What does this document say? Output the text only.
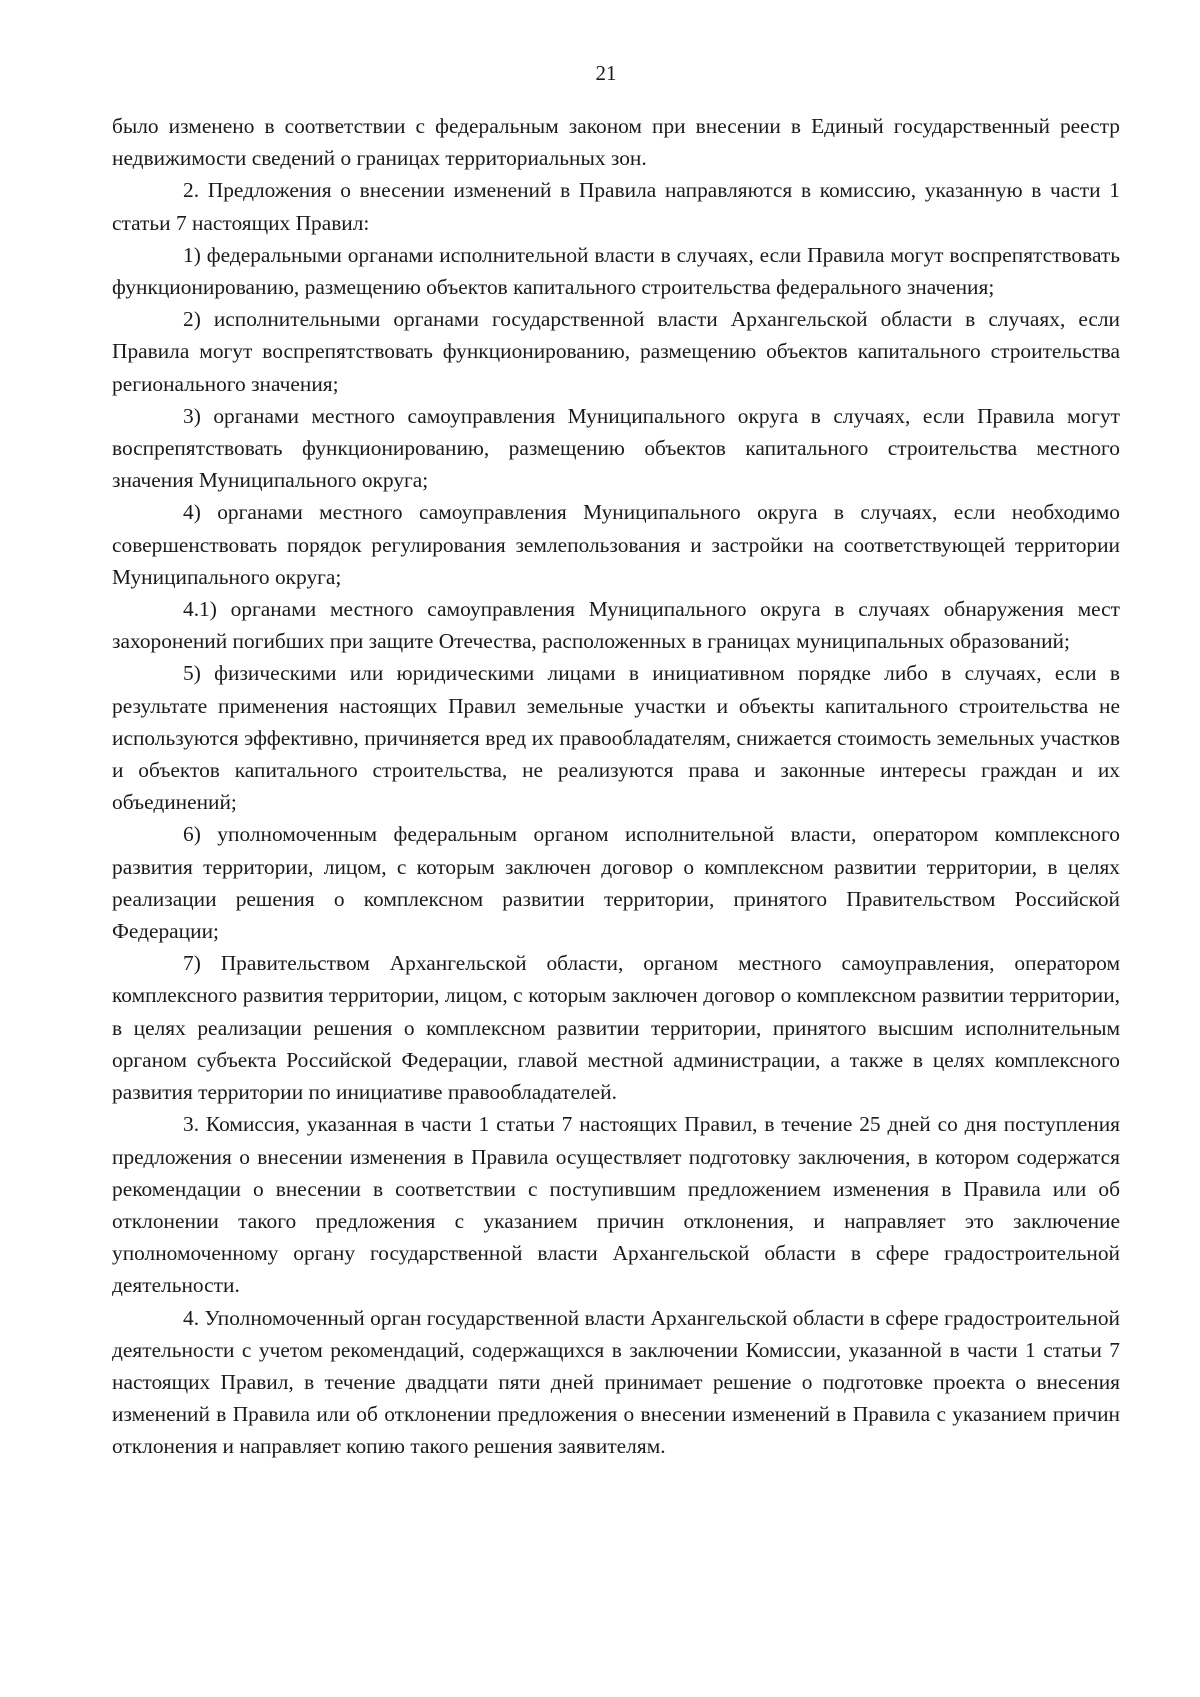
21

было изменено в соответствии с федеральным законом при внесении в Единый государственный реестр недвижимости сведений о границах территориальных зон.

2. Предложения о внесении изменений в Правила направляются в комиссию, указанную в части 1 статьи 7 настоящих Правил:

1) федеральными органами исполнительной власти в случаях, если Правила могут воспрепятствовать функционированию, размещению объектов капитального строительства федерального значения;

2) исполнительными органами государственной власти Архангельской области в случаях, если Правила могут воспрепятствовать функционированию, размещению объектов капитального строительства регионального значения;

3) органами местного самоуправления Муниципального округа в случаях, если Правила могут воспрепятствовать функционированию, размещению объектов капитального строительства местного значения Муниципального округа;

4) органами местного самоуправления Муниципального округа в случаях, если необходимо совершенствовать порядок регулирования землепользования и застройки на соответствующей территории Муниципального округа;

4.1) органами местного самоуправления Муниципального округа в случаях обнаружения мест захоронений погибших при защите Отечества, расположенных в границах муниципальных образований;

5) физическими или юридическими лицами в инициативном порядке либо в случаях, если в результате применения настоящих Правил земельные участки и объекты капитального строительства не используются эффективно, причиняется вред их правообладателям, снижается стоимость земельных участков и объектов капитального строительства, не реализуются права и законные интересы граждан и их объединений;

6) уполномоченным федеральным органом исполнительной власти, оператором комплексного развития территории, лицом, с которым заключен договор о комплексном развитии территории, в целях реализации решения о комплексном развитии территории, принятого Правительством Российской Федерации;

7) Правительством Архангельской области, органом местного самоуправления, оператором комплексного развития территории, лицом, с которым заключен договор о комплексном развитии территории, в целях реализации решения о комплексном развитии территории, принятого высшим исполнительным органом субъекта Российской Федерации, главой местной администрации, а также в целях комплексного развития территории по инициативе правообладателей.

3. Комиссия, указанная в части 1 статьи 7 настоящих Правил, в течение 25 дней со дня поступления предложения о внесении изменения в Правила осуществляет подготовку заключения, в котором содержатся рекомендации о внесении в соответствии с поступившим предложением изменения в Правила или об отклонении такого предложения с указанием причин отклонения, и направляет это заключение уполномоченному органу государственной власти Архангельской области в сфере градостроительной деятельности.

4. Уполномоченный орган государственной власти Архангельской области в сфере градостроительной деятельности с учетом рекомендаций, содержащихся в заключении Комиссии, указанной в части 1 статьи 7 настоящих Правил, в течение двадцати пяти дней принимает решение о подготовке проекта о внесения изменений в Правила или об отклонении предложения о внесении изменений в Правила с указанием причин отклонения и направляет копию такого решения заявителям.
